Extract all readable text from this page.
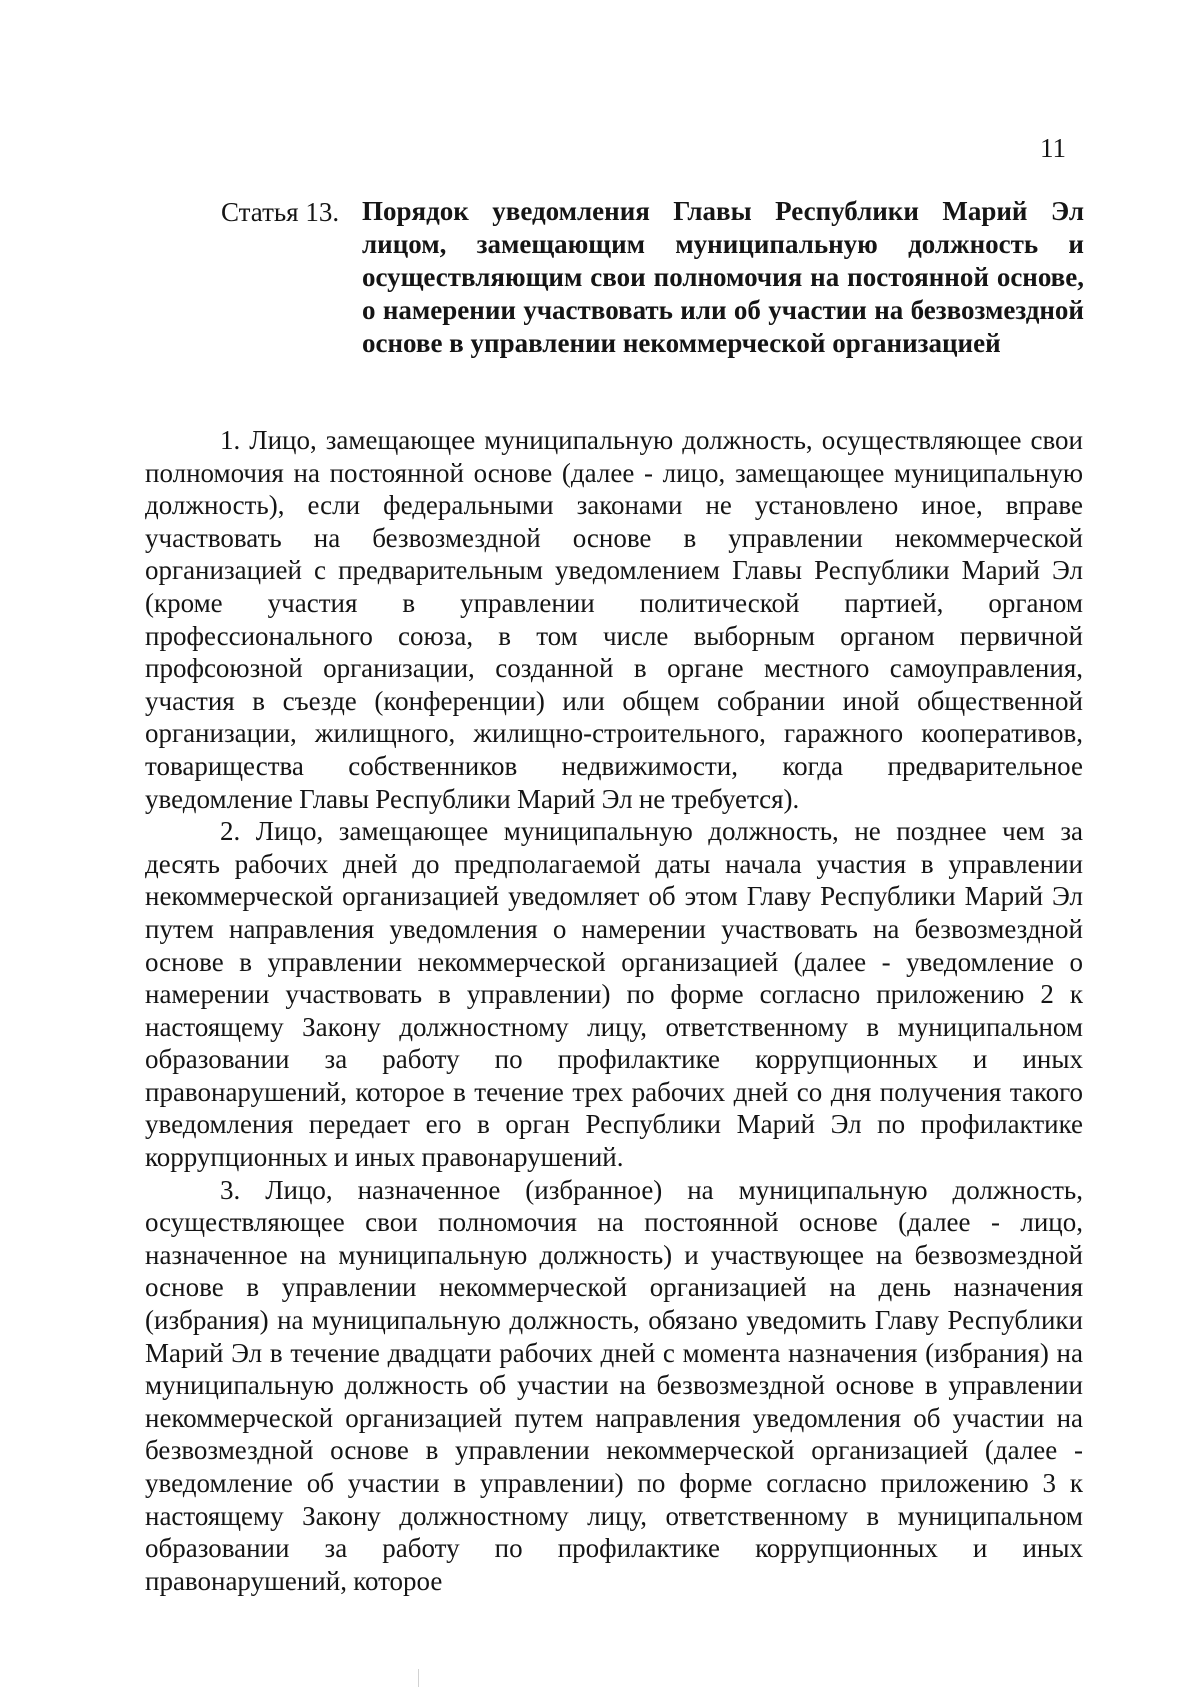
11
Статья 13. Порядок уведомления Главы Республики Марий Эл лицом, замещающим муниципальную должность и осуществляющим свои полномочия на постоянной основе, о намерении участвовать или об участии на безвозмездной основе в управлении некоммерческой организацией

1. Лицо, замещающее муниципальную должность, осуществляющее свои полномочия на постоянной основе (далее - лицо, замещающее муниципальную должность), если федеральными законами не установлено иное, вправе участвовать на безвозмездной основе в управлении некоммерческой организацией с предварительным уведомлением Главы Республики Марий Эл (кроме участия в управлении политической партией, органом профессионального союза, в том числе выборным органом первичной профсоюзной организации, созданной в органе местного самоуправления, участия в съезде (конференции) или общем собрании иной общественной организации, жилищного, жилищно-строительного, гаражного кооперативов, товарищества собственников недвижимости, когда предварительное уведомление Главы Республики Марий Эл не требуется).

2. Лицо, замещающее муниципальную должность, не позднее чем за десять рабочих дней до предполагаемой даты начала участия в управлении некоммерческой организацией уведомляет об этом Главу Республики Марий Эл путем направления уведомления о намерении участвовать на безвозмездной основе в управлении некоммерческой организацией (далее - уведомление о намерении участвовать в управлении) по форме согласно приложению 2 к настоящему Закону должностному лицу, ответственному в муниципальном образовании за работу по профилактике коррупционных и иных правонарушений, которое в течение трех рабочих дней со дня получения такого уведомления передает его в орган Республики Марий Эл по профилактике коррупционных и иных правонарушений.

3. Лицо, назначенное (избранное) на муниципальную должность, осуществляющее свои полномочия на постоянной основе (далее - лицо, назначенное на муниципальную должность) и участвующее на безвозмездной основе в управлении некоммерческой организацией на день назначения (избрания) на муниципальную должность, обязано уведомить Главу Республики Марий Эл в течение двадцати рабочих дней с момента назначения (избрания) на муниципальную должность об участии на безвозмездной основе в управлении некоммерческой организацией путем направления уведомления об участии на безвозмездной основе в управлении некоммерческой организацией (далее - уведомление об участии в управлении) по форме согласно приложению 3 к настоящему Закону должностному лицу, ответственному в муниципальном образовании за работу по профилактике коррупционных и иных правонарушений, которое
